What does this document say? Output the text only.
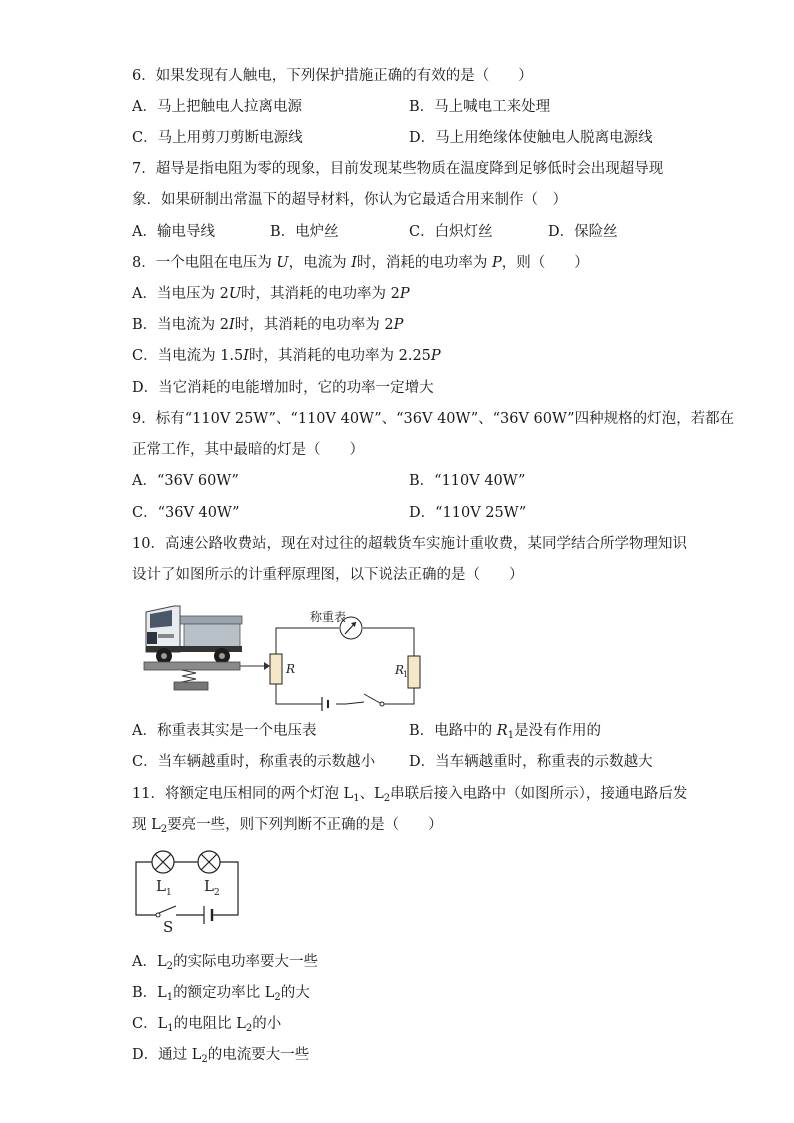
6．如果发现有人触电，下列保护措施正确的有效的是（　　）
A．马上把触电人拉离电源	B．马上喊电工来处理
C．马上用剪刀剪断电源线	D．马上用绝缘体使触电人脱离电源线
7．超导是指电阻为零的现象，目前发现某些物质在温度降到足够低时会出现超导现
象．如果研制出常温下的超导材料，你认为它最适合用来制作（　）
A．输电导线	B．电炉丝	C．白炽灯丝	D．保险丝
8．一个电阻在电压为 U，电流为 I时，消耗的电功率为 P，则（　　）
A．当电压为 2U时，其消耗的电功率为 2P
B．当电流为 2I时，其消耗的电功率为 2P
C．当电流为 1.5I时，其消耗的电功率为 2.25P
D．当它消耗的电能增加时，它的功率一定增大
9．标有“110V 25W”、“110V 40W”、“36V 40W”、“36V 60W”四种规格的灯泡，若都在
正常工作，其中最暗的灯是（　　）
A．“36V 60W”	B．“110V 40W”
C．“36V 40W”	D．“110V 25W”
10．高速公路收费站，现在对过往的超载货车实施计重收费，某同学结合所学物理知识
设计了如图所示的计重秤原理图，以下说法正确的是（　　）
称重表
R	R
1
A．称重表其实是一个电压表	B．电路中的 $R_1$是没有作用的
C．当车辆越重时，称重表的示数越小 D．当车辆越重时，称重表的示数越大
11．将额定电压相同的两个灯泡 $L_1$、$L_2$串联后接入电路中（如图所示），接通电路后发
现 $L_2$要亮一些，则下列判断不正确的是（　　）
L 1 L 2
S
A．$L_2$的实际电功率要大一些
B．$L_1$的额定功率比 $L_2$的大
C．$L_1$的电阻比 $L_2$的小
D．通过 $L_2$的电流要大一些
